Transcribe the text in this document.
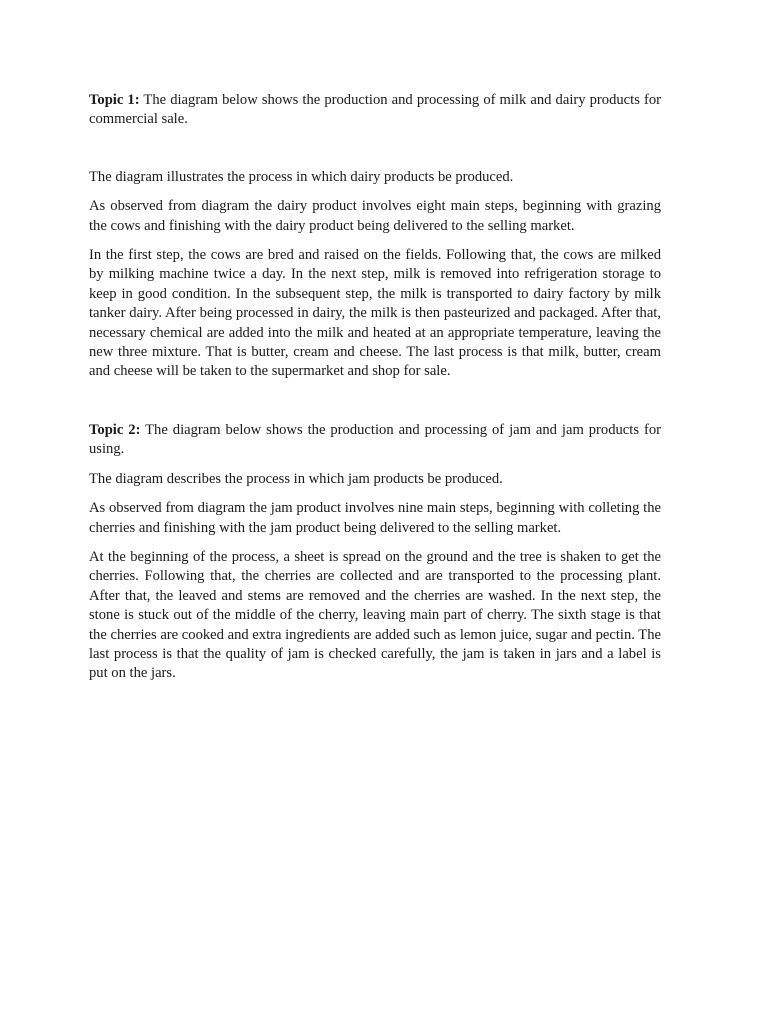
Topic 1: The diagram below shows the production and processing of milk and dairy products for commercial sale.

The diagram illustrates the process in which dairy products be produced.

As observed from diagram the dairy product involves eight main steps, beginning with grazing the cows and finishing with the dairy product being delivered to the selling market.

In the first step, the cows are bred and raised on the fields. Following that, the cows are milked by milking machine twice a day. In the next step, milk is removed into refrigeration storage to keep in good condition. In the subsequent step, the milk is transported to dairy factory by milk tanker dairy. After being processed in dairy, the milk is then pasteurized and packaged. After that, necessary chemical are added into the milk and heated at an appropriate temperature, leaving the new three mixture. That is butter, cream and cheese. The last process is that milk, butter, cream and cheese will be taken to the supermarket and shop for sale.

Topic 2: The diagram below shows the production and processing of jam and jam products for using.

The diagram describes the process in which jam products be produced.

As observed from diagram the jam product involves nine main steps, beginning with colleting the cherries and finishing with the jam product being delivered to the selling market.

At the beginning of the process, a sheet is spread on the ground and the tree is shaken to get the cherries. Following that, the cherries are collected and are transported to the processing plant. After that, the leaved and stems are removed and the cherries are washed. In the next step, the stone is stuck out of the middle of the cherry, leaving main part of cherry. The sixth stage is that the cherries are cooked and extra ingredients are added such as lemon juice, sugar and pectin. The last process is that the quality of jam is checked carefully, the jam is taken in jars and a label is put on the jars.
